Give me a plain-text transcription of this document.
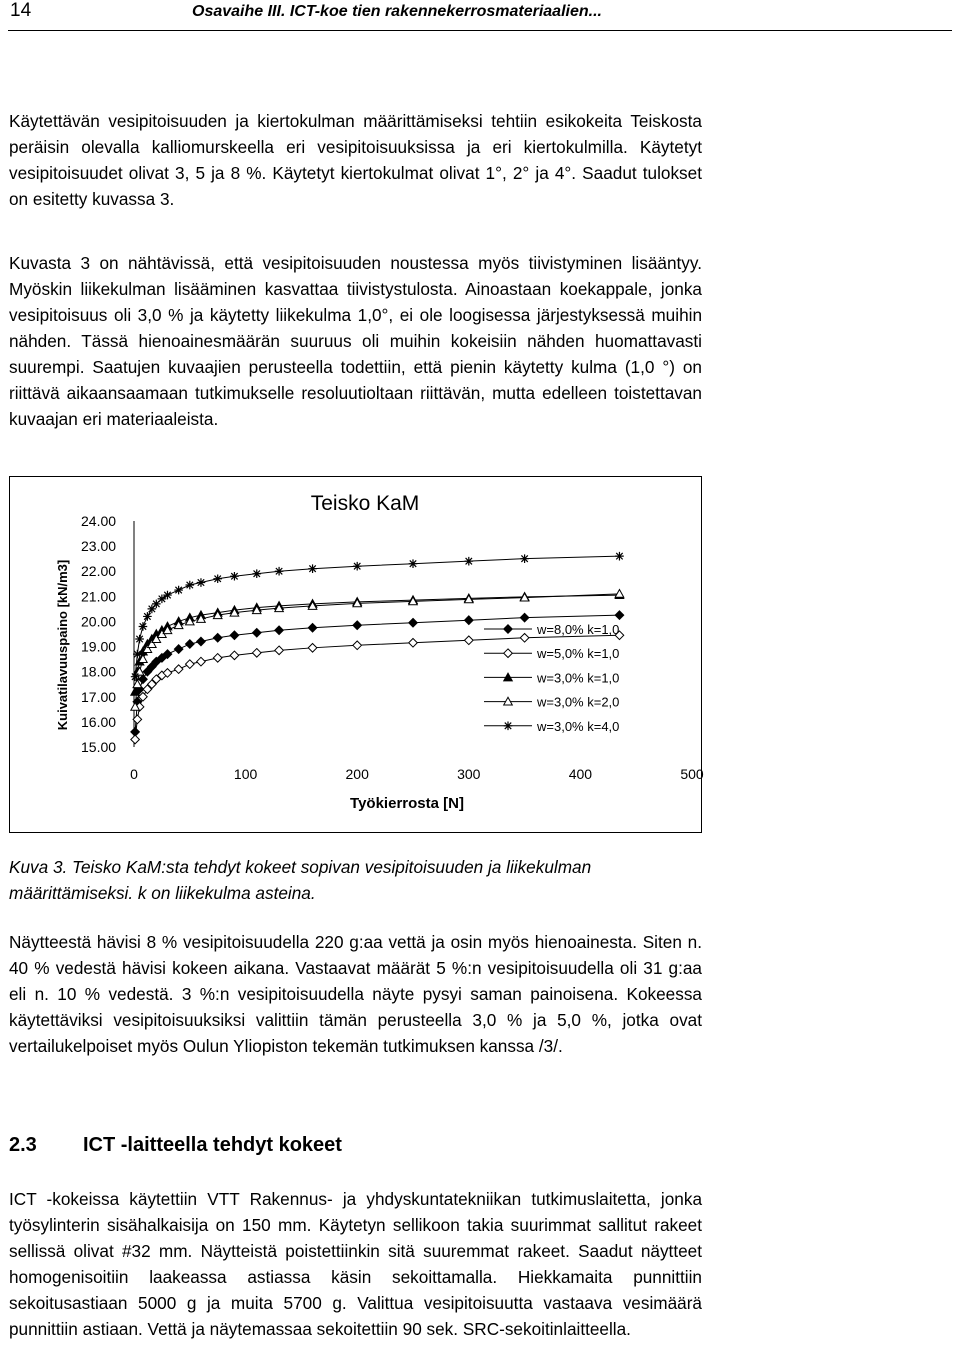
14	Osavaihe III. ICT-koe tien rakennekerrosmateriaalien...

Käytettävän vesipitoisuuden ja kiertokulman määrittämiseksi tehtiin esikokeita Teiskosta peräisin olevalla kalliomurskeella eri vesipitoisuuksissa ja eri kiertokulmilla. Käytetyt vesipitoisuudet olivat 3, 5 ja 8 %. Käytetyt kiertokulmat olivat 1°, 2° ja 4°. Saadut tulokset on esitetty kuvassa 3.

Kuvasta 3 on nähtävissä, että vesipitoisuuden noustessa myös tiivistyminen lisääntyy. Myöskin liikekulman lisääminen kasvattaa tiivistystulosta. Ainoastaan koekappale, jonka vesipitoisuus oli 3,0 % ja käytetty liikekulma 1,0°, ei ole loogisessa järjestyksessä muihin nähden. Tässä hienoainesmäärän suuruus oli muihin kokeisiin nähden huomattavasti suurempi. Saatujen kuvaajien perusteella todettiin, että pienin käytetty kulma (1,0 °) on riittävä aikaansaamaan tutkimukselle resoluutioltaan riittävän, mutta edelleen toistettavan kuvaajan eri materiaaleista.

Teisko KaM
Kuivatilavuuspaino [kN/m3]
Työkierrosta [N]
24.00
23.00
22.00
21.00
20.00
19.00
18.00
17.00
16.00
15.00
0	100	200	300	400	500
w=8,0% k=1,0
w=5,0% k=1,0
w=3,0% k=1,0
w=3,0% k=2,0
w=3,0% k=4,0

Kuva 3. Teisko KaM:sta tehdyt kokeet sopivan vesipitoisuuden ja liikekulman määrittämiseksi. k on liikekulma asteina.

Näytteestä hävisi 8 % vesipitoisuudella 220 g:aa vettä ja osin myös hienoainesta. Siten n. 40 % vedestä hävisi kokeen aikana. Vastaavat määrät 5 %:n vesipitoisuudella oli 31 g:aa eli n. 10 % vedestä. 3 %:n vesipitoisuudella näyte pysyi saman painoisena. Kokeessa käytettäviksi vesipitoisuuksiksi valittiin tämän perusteella 3,0 % ja 5,0 %, jotka ovat vertailukelpoiset myös Oulun Yliopiston tekemän tutkimuksen kanssa /3/.

2.3 ICT -laitteella tehdyt kokeet

ICT -kokeissa käytettiin VTT Rakennus- ja yhdyskuntatekniikan tutkimuslaitetta, jonka työsylinterin sisähalkaisija on 150 mm. Käytetyn sellikoon takia suurimmat sallitut rakeet sellissä olivat #32 mm. Näytteistä poistettiinkin sitä suuremmat rakeet. Saadut näytteet homogenisoitiin laakeassa astiassa käsin sekoittamalla. Hiekkamaita punnittiin sekoitusastiaan 5000 g ja muita 5700 g. Valittua vesipitoisuutta vastaava vesimäärä punnittiin astiaan. Vettä ja näytemassaa sekoitettiin 90 sek. SRC-sekoitinlaitteella.
